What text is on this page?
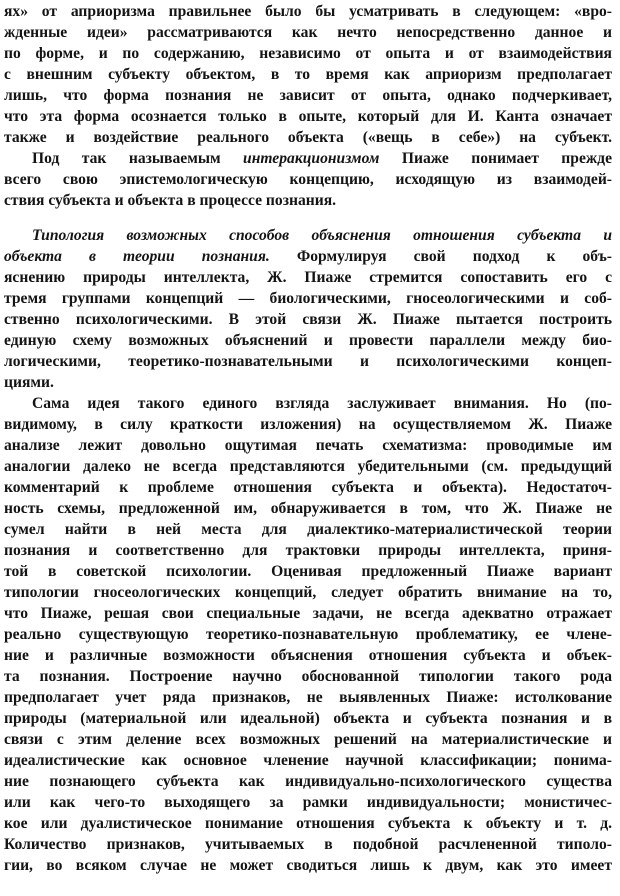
ях» от априоризма правильнее было бы усматривать в следующем: «вро-
жденные идеи» рассматриваются как нечто непосредственно данное и
по форме, и по содержанию, независимо от опыта и от взаимодействия
с внешним субъекту объектом, в то время как априоризм предполагает
лишь, что форма познания не зависит от опыта, однако подчеркивает,
что эта форма осознается только в опыте, который для И. Канта означает
также и воздействие реального объекта («вещь в себе») на субъект.
Под так называемым интеракционизмом Пиаже понимает прежде
всего свою эпистемологическую концепцию, исходящую из взаимодей-
ствия субъекта и объекта в процессе познания.
Типология возможных способов объяснения отношения субъекта и
объекта в теории познания. Формулируя свой подход к объ-
яснению природы интеллекта, Ж. Пиаже стремится сопоставить его с
тремя группами концепций — биологическими, гносеологическими и соб-
ственно психологическими. В этой связи Ж. Пиаже пытается построить
единую схему возможных объяснений и провести параллели между био-
логическими, теоретико-познавательными и психологическими концеп-
циями.
Сама идея такого единого взгляда заслуживает внимания. Но (по-
видимому, в силу краткости изложения) на осуществляемом Ж. Пиаже
анализе лежит довольно ощутимая печать схематизма: проводимые им
аналогии далеко не всегда представляются убедительными (см. предыдущий
комментарий к проблеме отношения субъекта и объекта). Недостаточ-
ность схемы, предложенной им, обнаруживается в том, что Ж. Пиаже не
сумел найти в ней места для диалектико-материалистической теории
познания и соответственно для трактовки природы интеллекта, приня-
той в советской психологии. Оценивая предложенный Пиаже вариант
типологии гносеологических концепций, следует обратить внимание на то,
что Пиаже, решая свои специальные задачи, не всегда адекватно отражает
реально существующую теоретико-познавательную проблематику, ее члене-
ние и различные возможности объяснения отношения субъекта и объек-
та познания. Построение научно обоснованной типологии такого рода
предполагает учет ряда признаков, не выявленных Пиаже: истолкование
природы (материальной или идеальной) объекта и субъекта познания и в
связи с этим деление всех возможных решений на материалистические и
идеалистические как основное членение научной классификации; понима-
ние познающего субъекта как индивидуально-психологического существа
или как чего-то выходящего за рамки индивидуальности; монистичес-
кое или дуалистическое понимание отношения субъекта к объекту и т. д.
Количество признаков, учитываемых в подобной расчлененной типоло-
гии, во всяком случае не может сводиться лишь к двум, как это имеет
